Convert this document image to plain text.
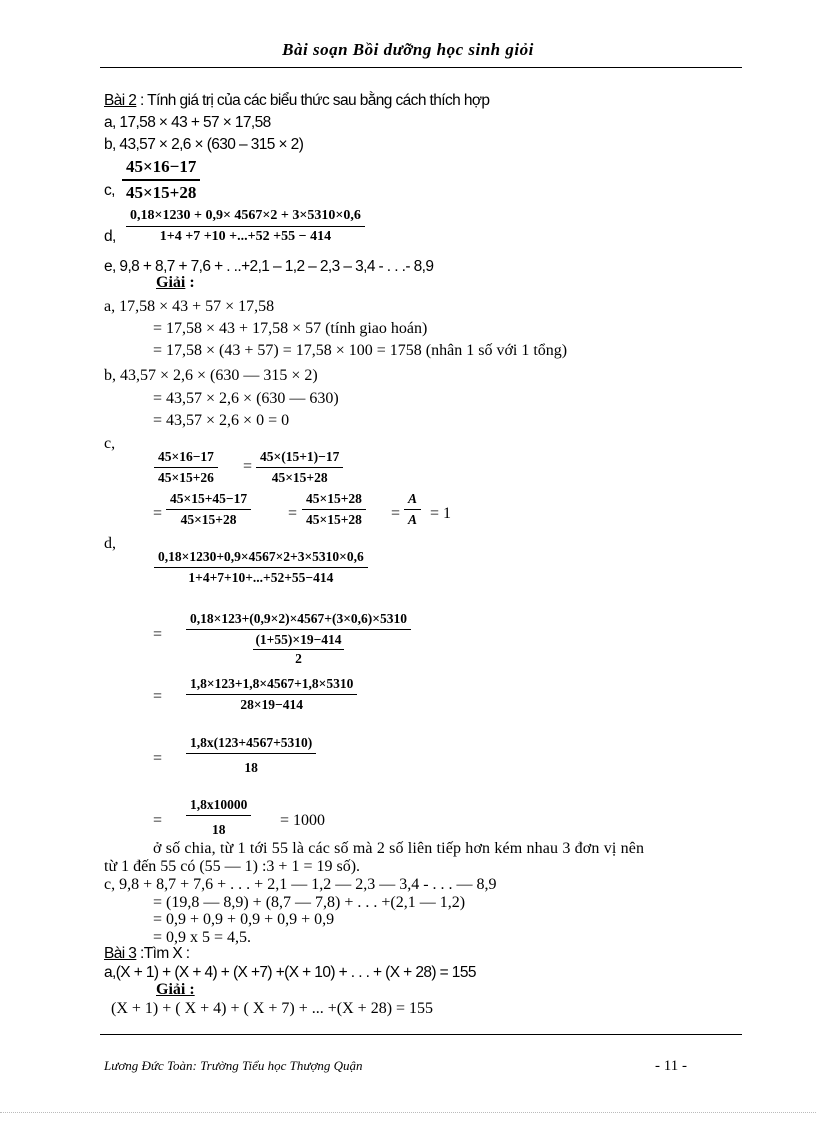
Bài soạn Bồi dưỡng học sinh giỏi
Bài 2 : Tính giá trị của các biểu thức sau bằng cách thích hợp
a, 17,58 × 43 + 57 × 17,58
b, 43,57 × 2,6 × (630 – 315 × 2)
c, $\frac{45\times 16-17}{45\times 15+28}$
d, $\frac{0,18\times 1230 + 0,9\times 4567\times 2 + 3\times 5310\times 0,6}{1+4 +7 +10 +...+52 +55 - 414}$
e, 9,8 + 8,7 + 7,6 + . ..+2,1 – 1,2 – 2,3 – 3,4 - . . .- 8,9
Giải :
a, 17,58 × 43 + 57 × 17,58
= 17,58 × 43 + 17,58 × 57 (tính giao hoán)
= 17,58 × (43 + 57) = 17,58 × 100 = 1758 (nhân 1 số với 1 tổng)
b, 43,57 × 2,6 × (630 — 315 × 2)
= 43,57 × 2,6 × (630 — 630)
= 43,57 × 2,6 × 0 = 0
c,
$\frac{45\times 16-17}{45\times 15+26} = \frac{45\times(15+1)-17}{45\times 15+28}$
= $\frac{45\times 15+45-17}{45\times 15+28} = \frac{45\times 15+28}{45\times 15+28} = \frac{A}{A} = 1$
d,
$\frac{0,18\times 1230+0,9\times 4567\times 2+3\times 5310\times 0,6}{1+4+7+10+...+52+55-414}$
= $\frac{0,18\times 123+(0,9\times 2)\times 4567+(3\times 0,6)\times 5310}{\frac{(1+55)\times 19-414}{2}}$
= $\frac{1,8\times 123+1,8\times 4567+1,8\times 5310}{28\times 19-414}$
= $\frac{1,8x(123+4567+5310)}{18}$
= $\frac{1,8x10000}{18} = 1000$
ở số chia, từ 1 tới 55 là các số mà 2 số liên tiếp hơn kém nhau 3 đơn vị nên
từ 1 đến 55 có (55 — 1) :3 + 1 = 19 số).
c, 9,8 + 8,7 + 7,6 + . . . + 2,1 — 1,2 — 2,3 — 3,4 - . . . — 8,9
= (19,8 — 8,9) + (8,7 — 7,8) + . . . +(2,1 — 1,2)
= 0,9 + 0,9 + 0,9 + 0,9 + 0,9
= 0,9 x 5 = 4,5.
Bài 3 :Tìm X :
a,(X + 1) + (X + 4) + (X +7) +(X + 10) + . . . + (X + 28) = 155
Giải :
(X + 1) + ( X + 4) + ( X + 7) + ... +(X + 28) = 155
Lương Đức Toàn: Trường Tiểu học Thượng Quận	- 11 -
